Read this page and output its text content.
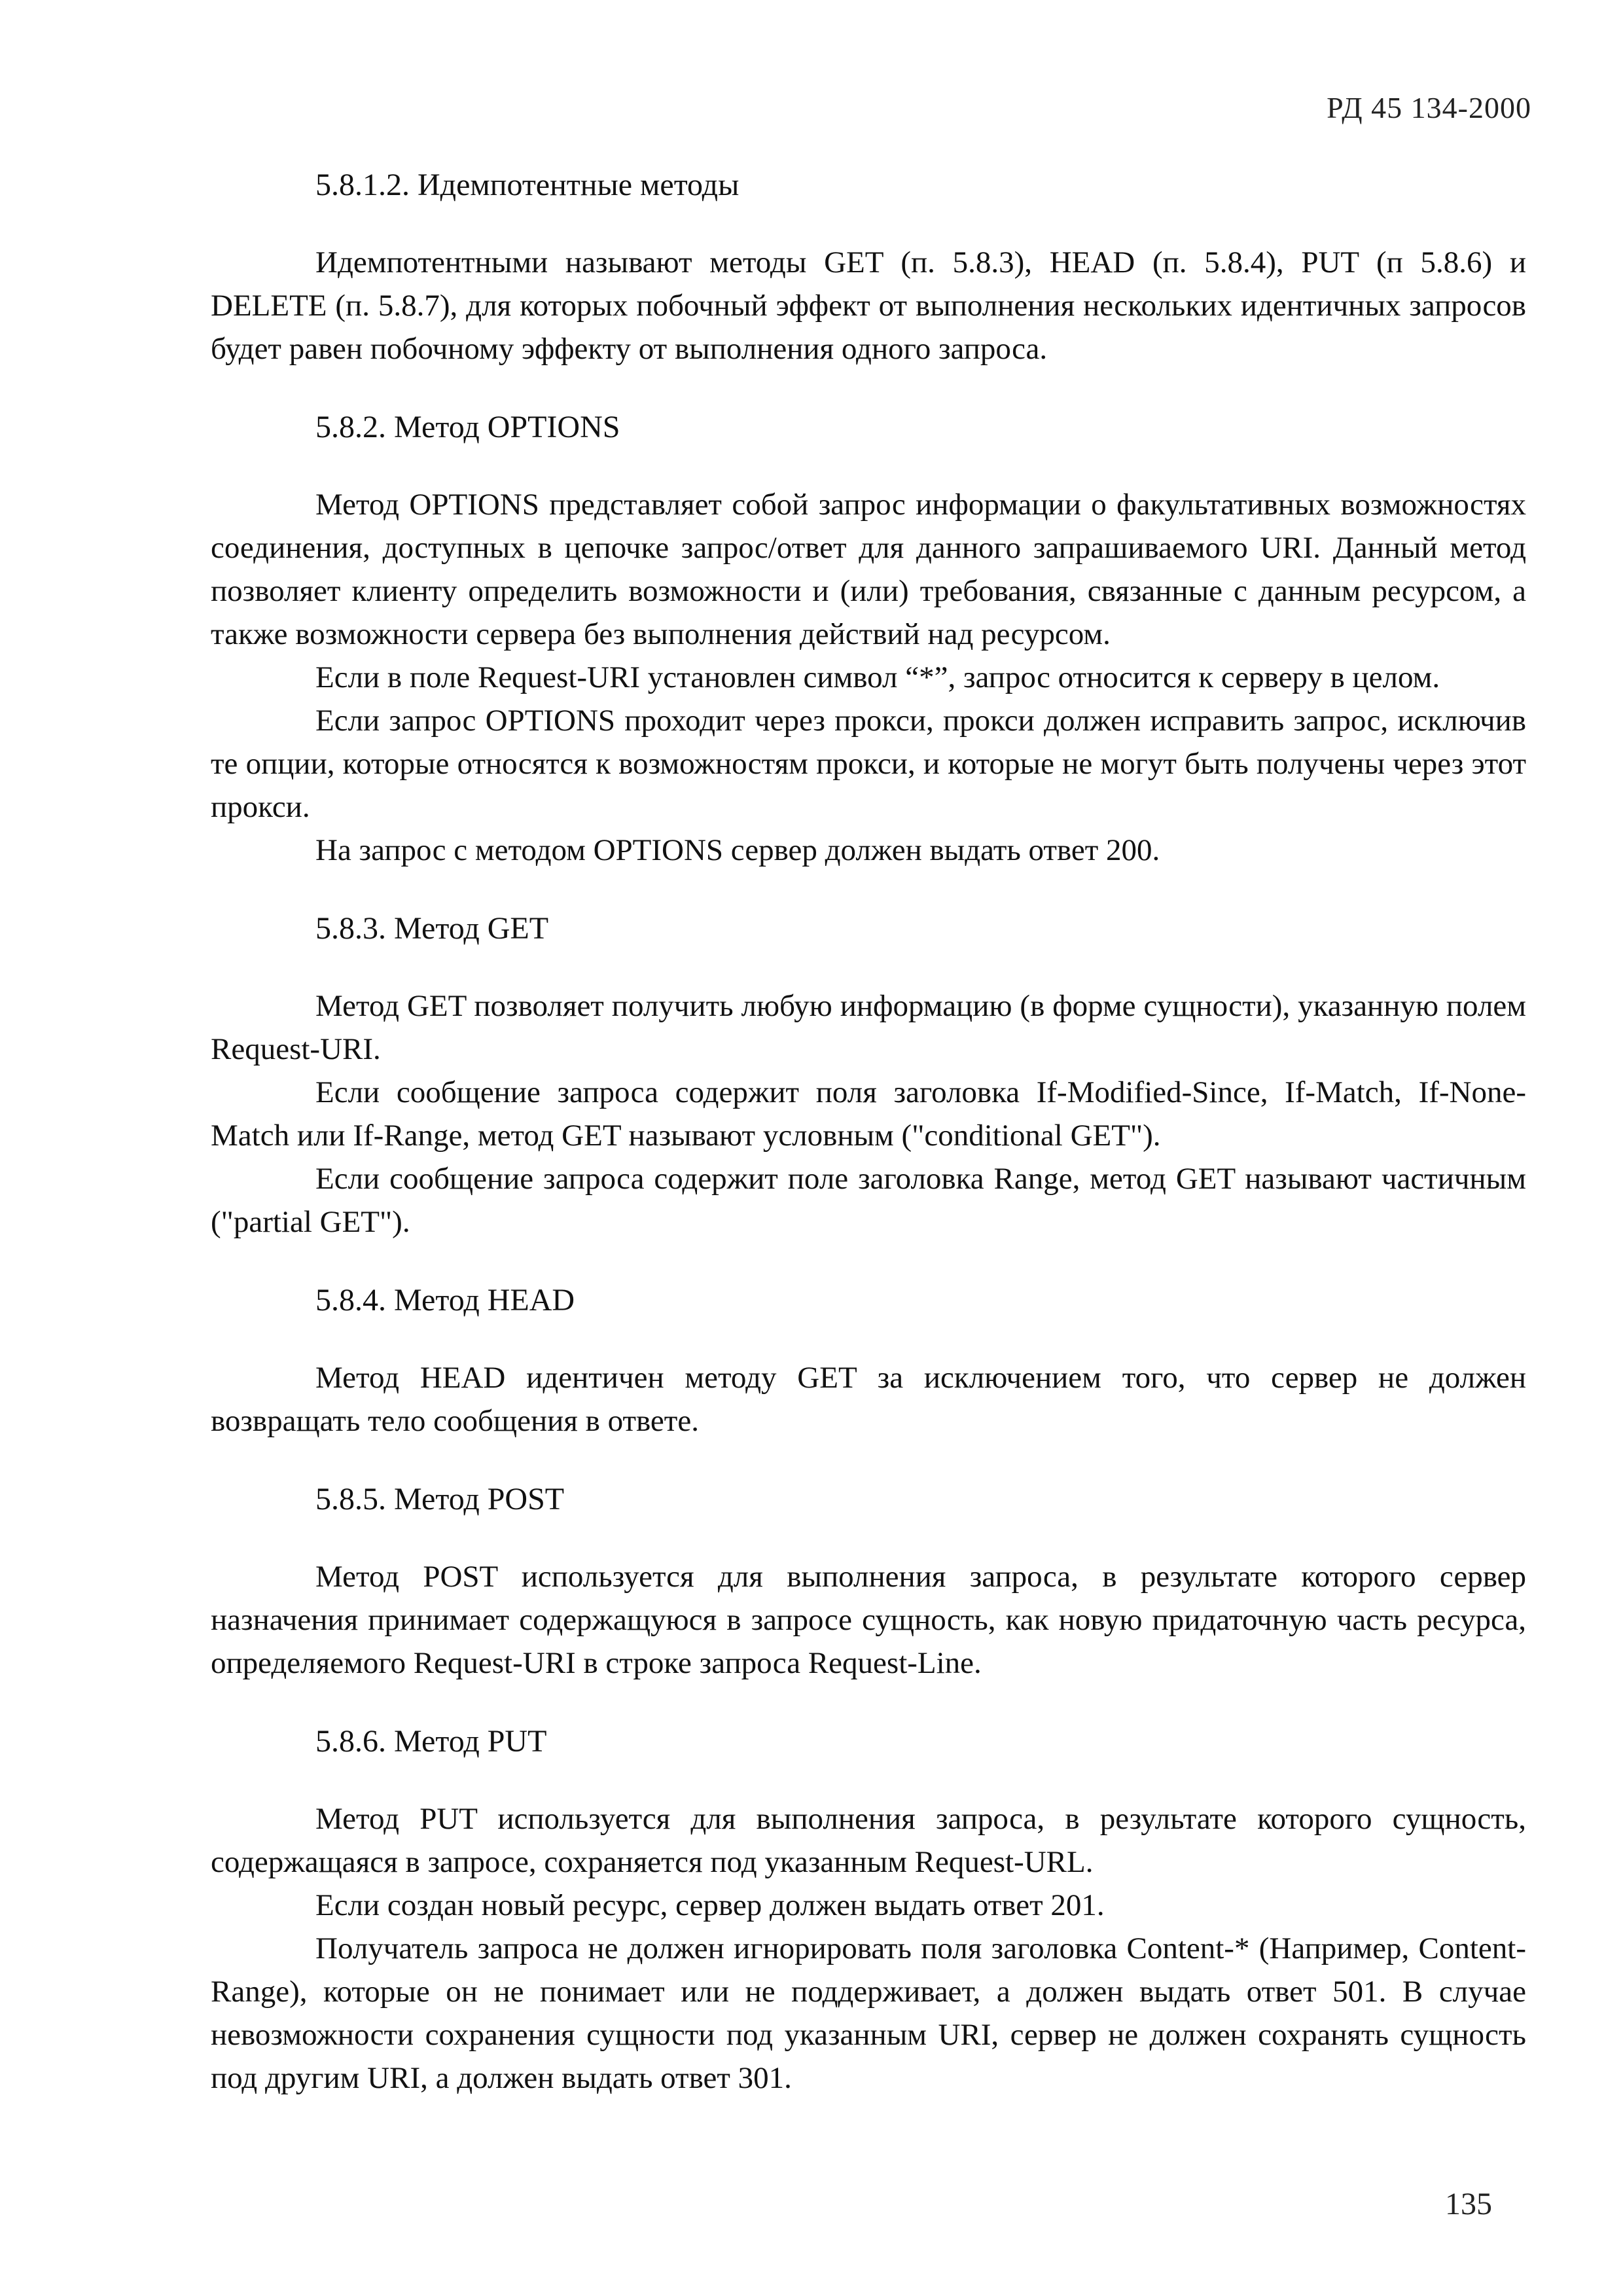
РД 45 134-2000
5.8.1.2. Идемпотентные методы

Идемпотентными называют методы GET (п. 5.8.3), HEAD (п. 5.8.4), PUT (п 5.8.6) и DELETE (п. 5.8.7), для которых побочный эффект от выполнения нескольких идентичных запросов будет равен побочному эффекту от выполнения одного запроса.

5.8.2. Метод OPTIONS

Метод OPTIONS представляет собой запрос информации о факультативных возможностях соединения, доступных в цепочке запрос/ответ для данного запрашиваемого URI. Данный метод позволяет клиенту определить возможности и (или) требования, связанные с данным ресурсом, а также возможности сервера без выполнения действий над ресурсом.

Если в поле Request-URI установлен символ “*”, запрос относится к серверу в целом.

Если запрос OPTIONS проходит через прокси, прокси должен исправить запрос, исключив те опции, которые относятся к возможностям прокси, и которые не могут быть получены через этот прокси.

На запрос с методом OPTIONS сервер должен выдать ответ 200.

5.8.3. Метод GET

Метод GET позволяет получить любую информацию (в форме сущности), указанную полем Request-URI.

Если сообщение запроса содержит поля заголовка If-Modified-Since, If-Match, If-None-Match или If-Range, метод GET называют условным ("conditional GET").

Если сообщение запроса содержит поле заголовка Range, метод GET называют частичным ("partial GET").

5.8.4. Метод HEAD

Метод HEAD идентичен методу GET за исключением того, что сервер не должен возвращать тело сообщения в ответе.

5.8.5. Метод POST

Метод POST используется для выполнения запроса, в результате которого сервер назначения принимает содержащуюся в запросе сущность, как новую придаточную часть ресурса, определяемого Request-URI в строке запроса Request-Line.

5.8.6. Метод PUT

Метод PUT используется для выполнения запроса, в результате которого сущность, содержащаяся в запросе, сохраняется под указанным Request-URL.

Если создан новый ресурс, сервер должен выдать ответ 201.

Получатель запроса не должен игнорировать поля заголовка Content-* (Например, Content-Range), которые он не понимает или не поддерживает, а должен выдать ответ 501. В случае невозможности сохранения сущности под указанным URI, сервер не должен сохранять сущность под другим URI, а должен выдать ответ 301.

135
